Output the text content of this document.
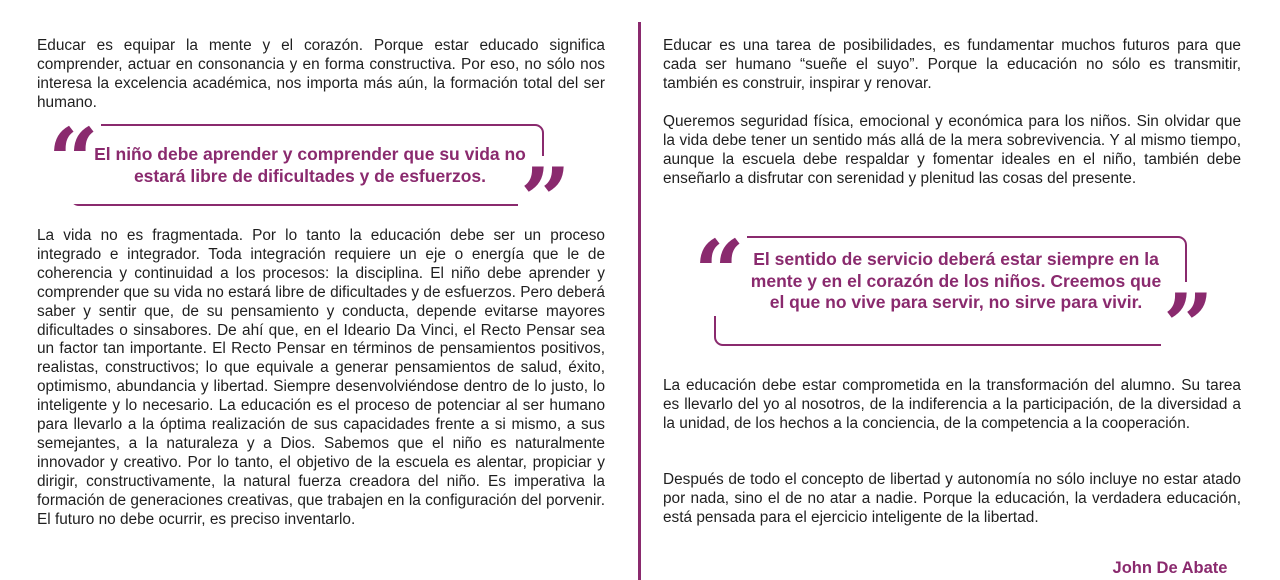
Educar es equipar la mente y el corazón. Porque estar educado significa comprender, actuar en consonancia y en forma constructiva. Por eso, no sólo nos interesa la excelencia académica, nos importa más aún, la formación total del ser humano.

“	”

El niño debe aprender y comprender que su vida no estará libre de dificultades y de esfuerzos.

La vida no es fragmentada. Por lo tanto la educación debe ser un proceso integrado e integrador. Toda integración requiere un eje o energía que le de coherencia y continuidad a los procesos: la disciplina. El niño debe aprender y comprender que su vida no estará libre de dificultades y de esfuerzos. Pero deberá saber y sentir que, de su pensamiento y conducta, depende evitarse mayores dificultades o sinsabores. De ahí que, en el Ideario Da Vinci, el Recto Pensar sea un factor tan importante. El Recto Pensar en términos de pensamientos positivos, realistas, constructivos; lo que equivale a generar pensamientos de salud, éxito, optimismo, abundancia y libertad. Siempre desenvolviéndose dentro de lo justo, lo inteligente y lo necesario. La educación es el proceso de potenciar al ser humano para llevarlo a la óptima realización de sus capacidades frente a si mismo, a sus semejantes, a la naturaleza y a Dios. Sabemos que el niño es naturalmente innovador y creativo. Por lo tanto, el objetivo de la escuela es alentar, propiciar y dirigir, constructivamente, la natural fuerza creadora del niño. Es imperativa la formación de generaciones creativas, que trabajen en la configuración del porvenir. El futuro no debe ocurrir, es preciso inventarlo.

Educar es una tarea de posibilidades, es fundamentar muchos futuros para que cada ser humano “sueñe el suyo”. Porque la educación no sólo es transmitir, también es construir, inspirar y renovar.

Queremos seguridad física, emocional y económica para los niños. Sin olvidar que la vida debe tener un sentido más allá de la mera sobrevivencia. Y al mismo tiempo, aunque la escuela debe respaldar y fomentar ideales en el niño, también debe enseñarlo a disfrutar con serenidad y plenitud las cosas del presente.

“
”

El sentido de servicio deberá estar siempre en la mente y en el corazón de los niños. Creemos que el que no vive para servir, no sirve para vivir.

La educación debe estar comprometida en la transformación del alumno. Su tarea es llevarlo del yo al nosotros, de la indiferencia a la participación, de la diversidad a la unidad, de los hechos a la conciencia, de la competencia a la cooperación.

Después de todo el concepto de libertad y autonomía no sólo incluye no estar atado por nada, sino el de no atar a nadie. Porque la educación, la verdadera educación, está pensada para el ejercicio inteligente de la libertad.

John De Abate
